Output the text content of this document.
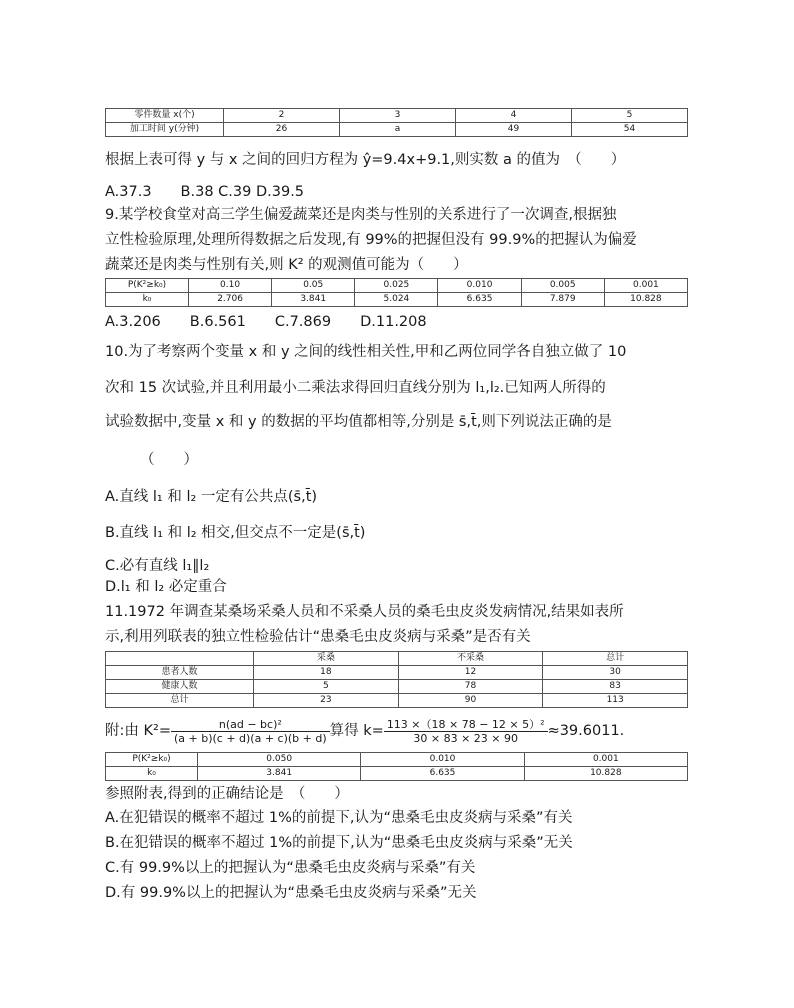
零件数量 x(个)	2	3	4	5
加工时间 y(分钟)	26	a	49	54
根据上表可得 y 与 x 之间的回归方程为 ŷ=9.4x+9.1,则实数 a 的值为　（　　）
A.37.3　　B.38 C.39 D.39.5
9.某学校食堂对高三学生偏爱蔬菜还是肉类与性别的关系进行了一次调查,根据独
立性检验原理,处理所得数据之后发现,有 99%的把握但没有 99.9%的把握认为偏爱
蔬菜还是肉类与性别有关,则 K² 的观测值可能为（　　）
P(K²≥k₀)	0.10	0.05	0.025	0.010	0.005	0.001
k₀	2.706	3.841	5.024	6.635	7.879	10.828
A.3.206　　B.6.561　　C.7.869　　D.11.208
10.为了考察两个变量 x 和 y 之间的线性相关性,甲和乙两位同学各自独立做了 10
次和 15 次试验,并且利用最小二乘法求得回归直线分别为 l₁,l₂.已知两人所得的
试验数据中,变量 x 和 y 的数据的平均值都相等,分别是 s̄,t̄,则下列说法正确的是
（　　）
A.直线 l₁ 和 l₂ 一定有公共点(s̄,t̄)
B.直线 l₁ 和 l₂ 相交,但交点不一定是(s̄,t̄)
C.必有直线 l₁∥l₂
D.l₁ 和 l₂ 必定重合
11.1972 年调查某桑场采桑人员和不采桑人员的桑毛虫皮炎发病情况,结果如表所
示,利用列联表的独立性检验估计“患桑毛虫皮炎病与采桑”是否有关
	采桑	不采桑	总计
患者人数	18	12	30
健康人数	5	78	83
总计	23	90	113
附:由 $K^2= \frac{\text{n(ad − bc)²}}{(a + b)(c + d)(a + c)(b + d)}$ 算得 $k= \frac{\text{113 ×（18 × 78 − 12 × 5）²}}{30 \times 83 \times 23 \times 90} \approx 39.6011$.
P(K²≥k₀)	0.050	0.010	0.001
k₀	3.841	6.635	10.828
参照附表,得到的正确结论是　（　　）
A.在犯错误的概率不超过 1%的前提下,认为“患桑毛虫皮炎病与采桑”有关
B.在犯错误的概率不超过 1%的前提下,认为“患桑毛虫皮炎病与采桑”无关
C.有 99.9%以上的把握认为“患桑毛虫皮炎病与采桑”有关
D.有 99.9%以上的把握认为“患桑毛虫皮炎病与采桑”无关
